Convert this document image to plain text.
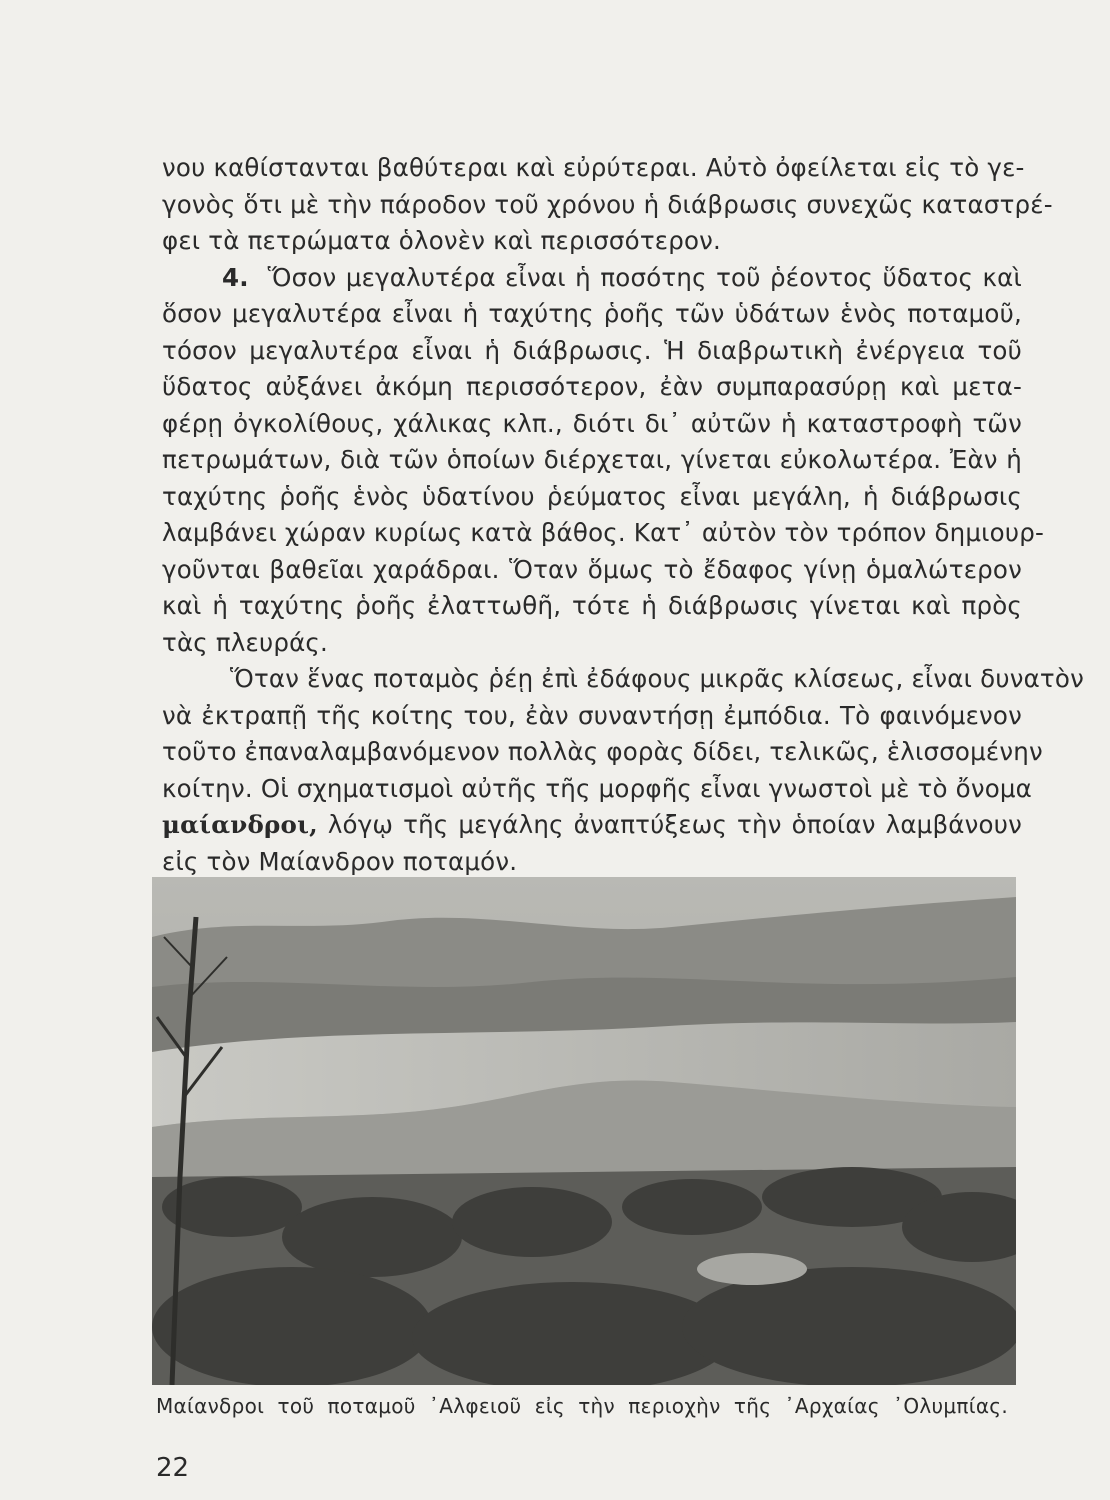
νου καθίστανται βαθύτεραι καὶ εὐρύτεραι. Αὐτὸ ὀφείλεται εἰς τὸ γε-
γονὸς ὅτι μὲ τὴν πάροδον τοῦ χρόνου ἡ διάβρωσις συνεχῶς καταστρέ-
φει τὰ πετρώματα ὁλονὲν καὶ περισσότερον.
4. Ὅσον μεγαλυτέρα εἶναι ἡ ποσότης τοῦ ῥέοντος ὕδατος καὶ
ὅσον μεγαλυτέρα εἶναι ἡ ταχύτης ῥοῆς τῶν ὑδάτων ἑνὸς ποταμοῦ,
τόσον μεγαλυτέρα εἶναι ἡ διάβρωσις. Ἡ διαβρωτικὴ ἐνέργεια τοῦ
ὕδατος αὐξάνει ἀκόμη περισσότερον, ἐὰν συμπαρασύρῃ καὶ μετα-
φέρῃ ὀγκολίθους, χάλικας κλπ., διότι δι᾽ αὐτῶν ἡ καταστροφὴ τῶν
πετρωμάτων, διὰ τῶν ὁποίων διέρχεται, γίνεται εὐκολωτέρα. Ἐὰν ἡ
ταχύτης ῥοῆς ἑνὸς ὑδατίνου ῥεύματος εἶναι μεγάλη, ἡ διάβρωσις
λαμβάνει χώραν κυρίως κατὰ βάθος. Κατ᾽ αὐτὸν τὸν τρόπον δημιουρ-
γοῦνται βαθεῖαι χαράδραι. Ὅταν ὅμως τὸ ἔδαφος γίνῃ ὁμαλώτερον
καὶ ἡ ταχύτης ῥοῆς ἐλαττωθῆ, τότε ἡ διάβρωσις γίνεται καὶ πρὸς
τὰς πλευράς.
Ὅταν ἕνας ποταμὸς ῥέῃ ἐπὶ ἐδάφους μικρᾶς κλίσεως, εἶναι δυνατὸν
νὰ ἐκτραπῇ τῆς κοίτης του, ἐὰν συναντήσῃ ἐμπόδια. Τὸ φαινόμενον
τοῦτο ἐπαναλαμβανόμενον πολλὰς φορὰς δίδει, τελικῶς, ἑλισσομένην
κοίτην. Οἱ σχηματισμοὶ αὐτῆς τῆς μορφῆς εἶναι γνωστοὶ μὲ τὸ ὄνομα
μαίανδροι, λόγῳ τῆς μεγάλης ἀναπτύξεως τὴν ὁποίαν λαμβάνουν
εἰς τὸν Μαίανδρον ποταμόν.
Μαίανδροι τοῦ ποταμοῦ ᾽Αλφειοῦ εἰς τὴν περιοχὴν τῆς ᾽Αρχαίας ᾽Ολυμπίας.
22
